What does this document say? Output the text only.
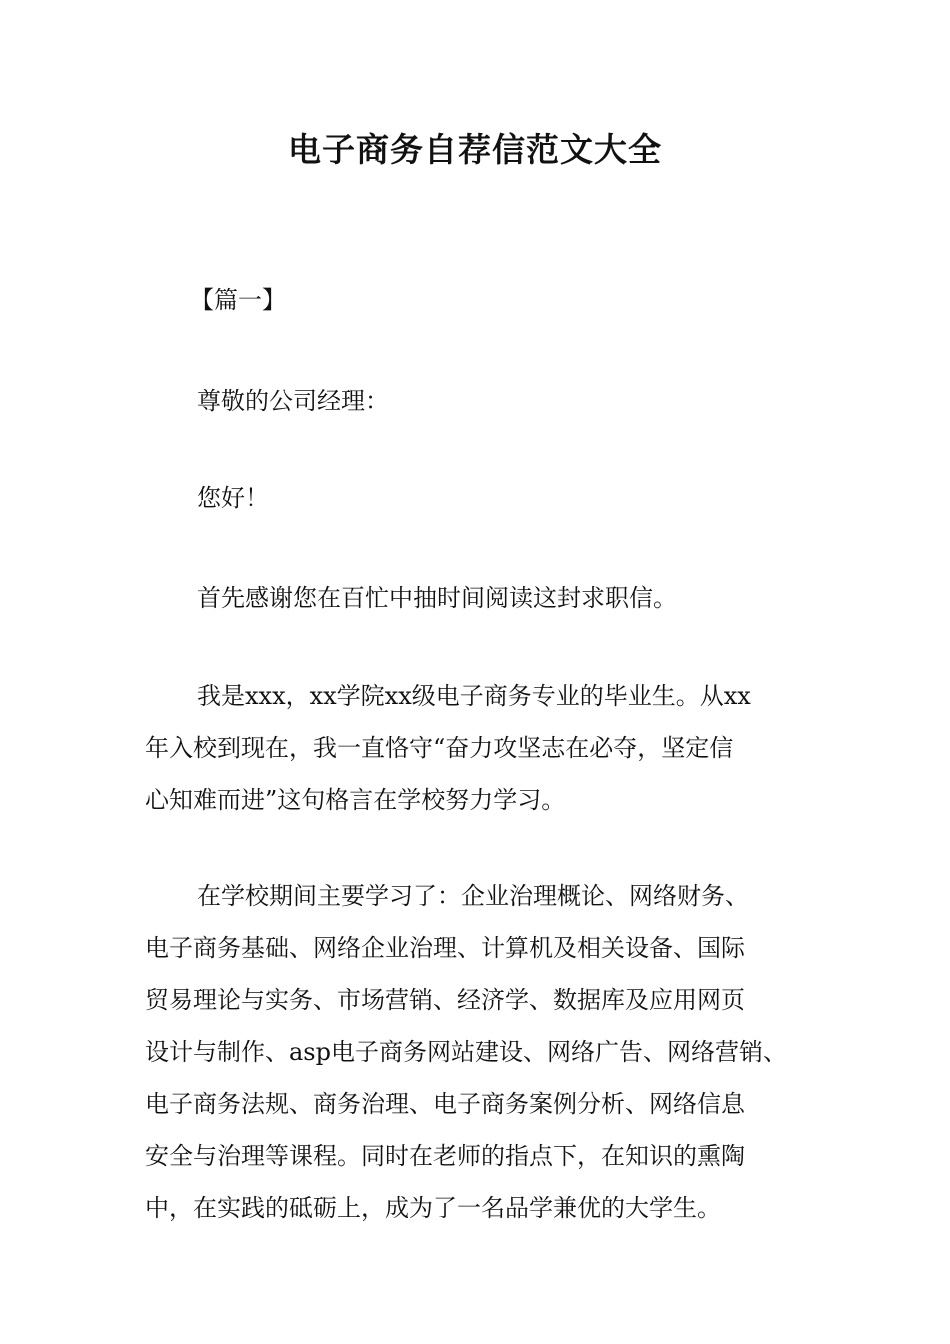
电子商务自荐信范文大全

【篇一】

尊敬的公司经理：

您好！

首先感谢您在百忙中抽时间阅读这封求职信。

我是xxx，xx学院xx级电子商务专业的毕业生。从xx
年入校到现在，我一直恪守“奋力攻坚志在必夺，坚定信
心知难而进”这句格言在学校努力学习。
在学校期间主要学习了：企业治理概论、网络财务、
电子商务基础、网络企业治理、计算机及相关设备、国际
贸易理论与实务、市场营销、经济学、数据库及应用网页
设计与制作、asp电子商务网站建设、网络广告、网络营销、
电子商务法规、商务治理、电子商务案例分析、网络信息
安全与治理等课程。同时在老师的指点下，在知识的熏陶
中，在实践的砥砺上，成为了一名品学兼优的大学生。
